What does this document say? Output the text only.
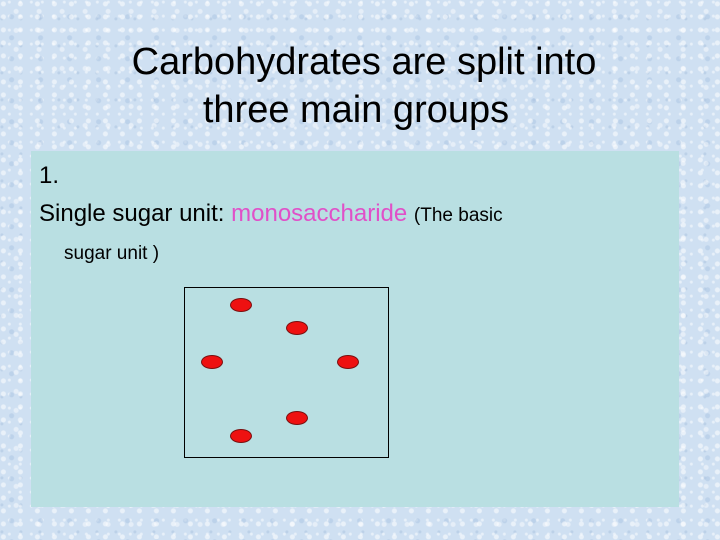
Carbohydrates are split into
three main groups
1.
Single sugar unit: monosaccharide (The basic
sugar unit )
